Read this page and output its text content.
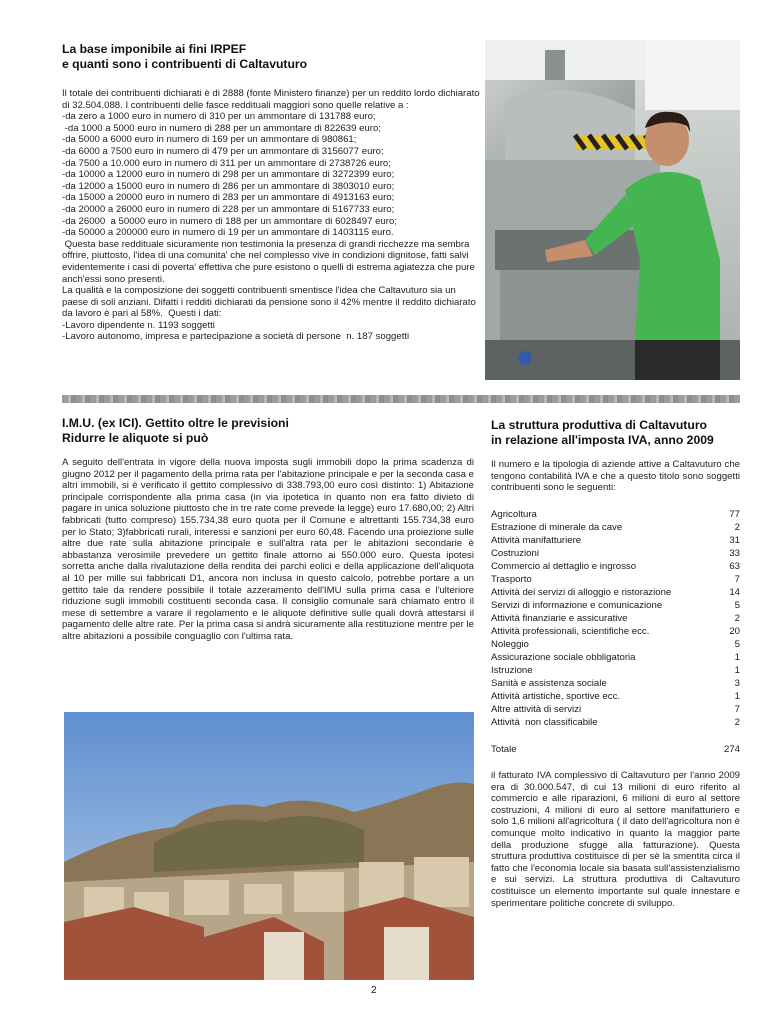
La base imponibile ai fini IRPEF
e quanti sono i contribuenti di Caltavuturo

Il totale dei contribuenti dichiarati è di 2888 (fonte Ministero finanze) per un reddito lordo dichiarato di 32.504.088. I contribuenti delle fasce reddituali maggiori sono quelle relative a :

-da zero a 1000 euro in numero di 310 per un ammontare di 131788 euro;

-da 1000 a 5000 euro in numero di 288 per un ammontare di 822639 euro;

-da 5000 a 6000 euro in numero di 169 per un ammontare di 980861;

-da 6000 a 7500 euro in numero di 479 per un ammontare di 3156077 euro;

-da 7500 a 10.000 euro in numero di 311 per un ammontare di 2738726 euro;

-da 10000 a 12000 euro in numero di 298 per un ammontare di 3272399 euro;

-da 12000 a 15000 euro in numero di 286 per un ammontare di 3803010 euro;

-da 15000 a 20000 euro in numero di 283 per un ammontare di 4913163 euro;

-da 20000 a 26000 euro in numero di 228 per un ammontare di 5167733 euro;

-da 26000  a 50000 euro in numero di 188 per un ammontare di 6028497 euro;

-da 50000 a 200000 euro in numero di 19 per un ammontare di 1403115 euro.

Questa base reddituale sicuramente non testimonia la presenza di grandi ricchezze ma sembra offrire, piuttosto, l'idea di una comunita' che nel complesso vive in condizioni dignitose, fatti salvi evidentemente i casi di poverta' effettiva che pure esistono o quelli di estrema agiatezza che pure anch'essi sono presenti.

La qualità e la composizione dei soggetti contribuenti smentisce l'idea che Caltavuturo sia un paese di soli anziani. Difatti i redditi dichiarati da pensione sono il 42% mentre il reddito dichiarato da lavoro è pari al 58%.  Questi i dati:

-Lavoro dipendente n. 1193 soggetti

-Lavoro autonomo, impresa e partecipazione a società di persone  n. 187 soggetti

I.M.U. (ex ICI). Gettito oltre le previsioni
Ridurre le aliquote si può

A seguito dell'entrata in vigore della nuova imposta sugli immobili dopo la prima scadenza di giugno 2012 per il pagamento della prima rata per l'abitazione principale e per la seconda casa e altri immobili, si è verificato il gettito complessivo di 338.793,00 euro così distinto: 1) Abitazione principale corrispondente alla prima casa (in via ipotetica in quanto non era fatto divieto di pagare in unica soluzione piuttosto che in tre rate come prevede la legge) euro 17.680,00; 2) Altri fabbricati (tutto compreso) 155.734,38 euro quota per il Comune e altrettanti 155.734,38 euro per lo Stato; 3)fabbricati rurali, interessi e sanzioni per euro 60,48. Facendo una proiezione sulle altre due rate sulla abitazione principale e sull'altra rata per le abitazioni secondarie è abbastanza verosimile prevedere un gettito finale attorno ai 550.000 euro. Questa ipotesi sorretta anche dalla rivalutazione della rendita dei parchi eolici e della applicazione dell'aliquota al 10 per mille sui fabbricati D1, ancora non inclusa in questo calcolo, potrebbe portare a un gettito tale da rendere possibile il totale azzeramento dell'IMU sulla prima casa e l'ulteriore riduzione sugli immobili costituenti seconda casa. Il consiglio comunale sarà chiamato entro il mese di settembre a varare il regolamento e le aliquote definitive sulle quali dovrà attestarsi il pagamento delle altre rate. Per la prima casa si andrà sicuramente alla restituzione mentre per le altre abitazioni a possibile conguaglio con l'ultima rata.

La struttura produttiva di Caltavuturo
in relazione all'imposta IVA, anno 2009

Il numero e la tipologia di aziende attive a Caltavuturo che tengono contabilità IVA e che a questo titolo sono soggetti contribuenti sono le seguenti:

Agricoltura	77
Estrazione di minerale da cave	2
Attività manifatturiere	31
Costruzioni	33
Commercio al dettaglio e ingrosso	63
Trasporto	7
Attività dei servizi di alloggio e ristorazione	14
Servizi di informazione e comunicazione	5
Attività finanziarie e assicurative	2
Attività professionali, scientifiche ecc.	20
Noleggio	5
Assicurazione sociale obbligatoria	1
Istruzione	1
Sanità e assistenza sociale	3
Attività artistiche, sportive ecc.	1
Altre attività di servizi	7
Attività  non classificabile	2
Totale	274

il fatturato IVA complessivo di Caltavuturo per l'anno 2009 era di 30.000.547, di cui 13 milioni di euro riferito al commercio e alle riparazioni, 6 milioni di euro al settore costruzioni, 4 milioni di euro al settore manifatturiero e solo 1,6 milioni all'agricoltura ( il dato dell'agricoltura non è comunque molto indicativo in quanto la maggior parte della produzione sfugge alla fatturazione). Questa struttura produttiva costituisce di per sè la smentita circa il fatto che l'economia locale sia basata sull'assistenzialismo e sui servizi. La struttura produttiva di Caltavuturo costituisce un elemento importante sul quale innestare e sperimentare politiche concrete di sviluppo.

2
